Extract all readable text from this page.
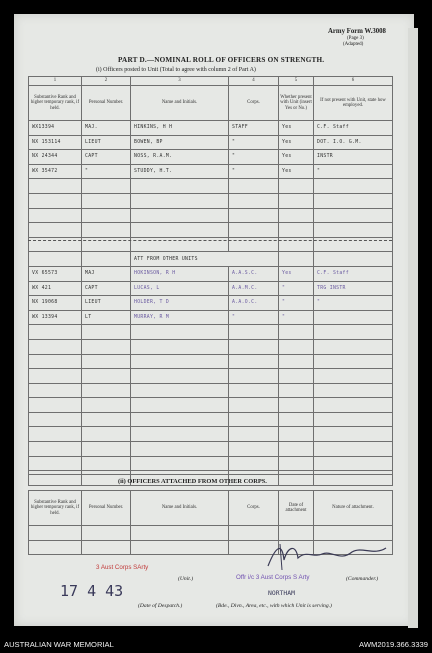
Army Form W.3008
(Page 3)
(Adapted)
PART D.—NOMINAL ROLL OF OFFICERS ON STRENGTH.
(i) Officers posted to Unit (Total to agree with column 2 of Part A)
1	2	3	4	5	6
Substantive Rank and higher temporary rank, if held.	Personal Number.	Name and Initials.	Corps.	Whether present with Unit (insert Yes or No.)	If not present with Unit, state how employed.
WX13394	MAJ.	HINKINS, H H	STAFF	Yes	C.F. Staff
NX 153114	LIEUT	BOWEN, BP	"	Yes	DOT. I.O. G.M.
NX 24344	CAPT	NOSS, R.A.M.	"	Yes	INSTR
WX 35472	"	STUDDY, H.T.	"	Yes	"

		ATT FROM OTHER UNITS			
VX 65573	MAJ	HOKINSON, R H	A.A.S.C.	Yes	C.F. Staff
WX 421	CAPT	LUCAS, L	A.A.M.C.	"	TRG INSTR
NX 19068	LIEUT	HOLDER, T D	A.A.O.C.	"	"
WX 13394	LT	MURRAY, R M	"	"	

(ii) OFFICERS ATTACHED FROM OTHER CORPS.
Substantive Rank and higher temporary rank, if held.	Personal Number.	Name and Initials.	Corps.	Date of attachment	Nature of attachment.

3 Aust Corps SArty
(Unit.)	Offr i/c 3 Aust Corps S Arty	(Commander.)
17 4 43
(Date of Despatch.)
NORTHAM
(Bde., Divn., Area, etc., with which Unit is serving.)
AUSTRALIAN WAR MEMORIAL	AWM2019.366.3339
